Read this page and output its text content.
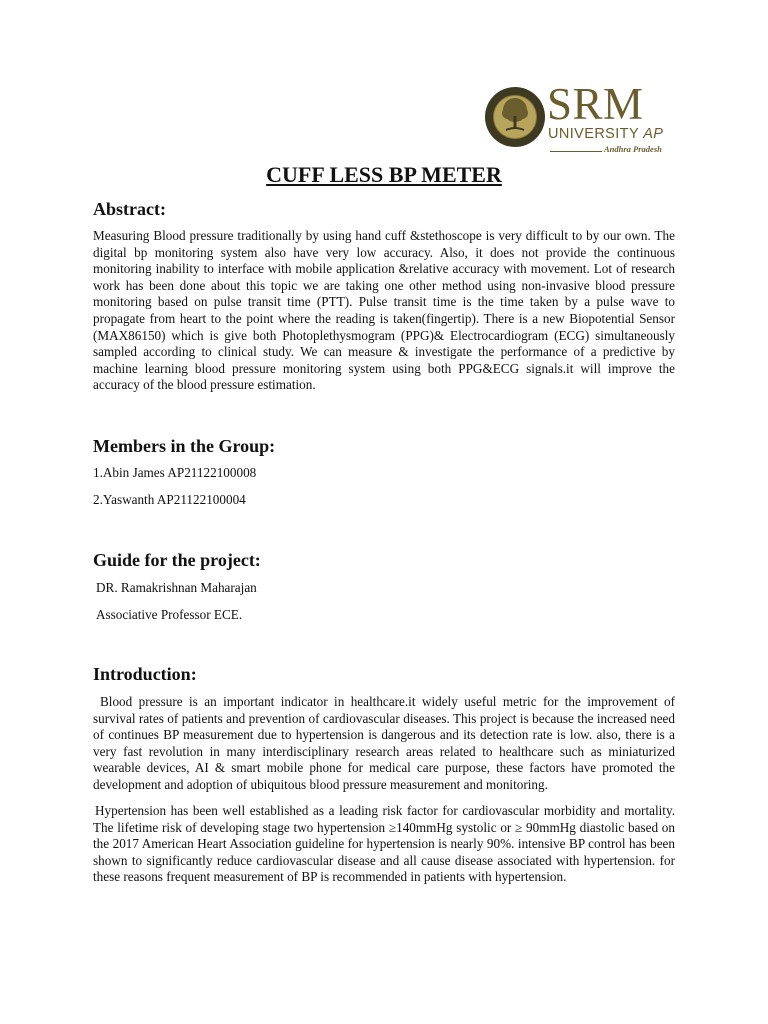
SRM
UNIVERSITY AP
Andhra Pradesh
CUFF LESS BP METER
Abstract:

Measuring Blood pressure traditionally by using hand cuff &stethoscope is very difficult to by our own. The digital bp monitoring system also have very low accuracy. Also, it does not provide the continuous monitoring inability to interface with mobile application &relative accuracy with movement. Lot of research work has been done about this topic we are taking one other method using non-invasive blood pressure monitoring based on pulse transit time (PTT). Pulse transit time is the time taken by a pulse wave to propagate from heart to the point where the reading is taken(fingertip). There is a new Biopotential Sensor (MAX86150) which is give both Photoplethysmogram (PPG)& Electrocardiogram (ECG) simultaneously sampled according to clinical study. We can measure & investigate the performance of a predictive by machine learning blood pressure monitoring system using both PPG&ECG signals.it will improve the accuracy of the blood pressure estimation.

Members in the Group:

1.Abin James AP21122100008

2.Yaswanth AP21122100004

Guide for the project:

DR. Ramakrishnan Maharajan

Associative Professor ECE.

Introduction:

Blood pressure is an important indicator in healthcare.it widely useful metric for the improvement of survival rates of patients and prevention of cardiovascular diseases. This project is because the increased need of continues BP measurement due to hypertension is dangerous and its detection rate is low. also, there is a very fast revolution in many interdisciplinary research areas related to healthcare such as miniaturized wearable devices, AI & smart mobile phone for medical care purpose, these factors have promoted the development and adoption of ubiquitous blood pressure measurement and monitoring.

Hypertension has been well established as a leading risk factor for cardiovascular morbidity and mortality. The lifetime risk of developing stage two hypertension ≥140mmHg systolic or ≥ 90mmHg diastolic based on the 2017 American Heart Association guideline for hypertension is nearly 90%. intensive BP control has been shown to significantly reduce cardiovascular disease and all cause disease associated with hypertension. for these reasons frequent measurement of BP is recommended in patients with hypertension.
